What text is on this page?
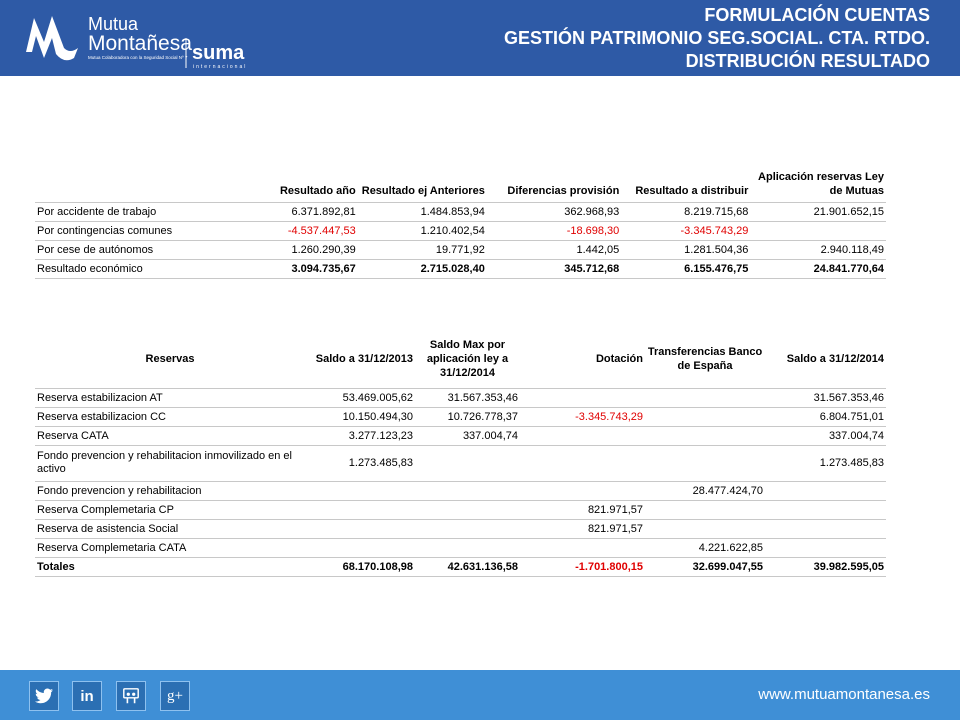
Mutua
Montañesa
Mutua Colaboradora con la Seguridad Social Nº 7 suma
internacional
FORMULACIÓN CUENTAS
GESTIÓN PATRIMONIO SEG.SOCIAL. CTA. RTDO.
DISTRIBUCIÓN RESULTADO
	Resultado año	Resultado ej Anteriores	Diferencias provisión	Resultado a distribuir	Aplicación reservas Ley de Mutuas

Por accidente de trabajo	6.371.892,81	1.484.853,94	362.968,93	8.219.715,68	21.901.652,15
Por contingencias comunes	-4.537.447,53	1.210.402,54	-18.698,30	-3.345.743,29	
Por cese de autónomos	1.260.290,39	19.771,92	1.442,05	1.281.504,36	2.940.118,49
Resultado económico	3.094.735,67	2.715.028,40	345.712,68	6.155.476,75	24.841.770,64
Reservas	Saldo a 31/12/2013	Saldo Max por aplicación ley a 31/12/2014	Dotación	Transferencias Banco de España	Saldo a 31/12/2014

Reserva estabilizacion AT	53.469.005,62	31.567.353,46			31.567.353,46
Reserva estabilizacion CC	10.150.494,30	10.726.778,37	-3.345.743,29		6.804.751,01
Reserva CATA	3.277.123,23	337.004,74			337.004,74
Fondo prevencion y rehabilitacion inmovilizado en el activo	1.273.485,83				1.273.485,83
Fondo prevencion y rehabilitacion				28.477.424,70	
Reserva Complemetaria CP			821.971,57		
Reserva de asistencia Social			821.971,57		
Reserva Complemetaria CATA				4.221.622,85	
Totales	68.170.108,98	42.631.136,58	-1.701.800,15	32.699.047,55	39.982.595,05
in	g+	www.mutuamontanesa.es
